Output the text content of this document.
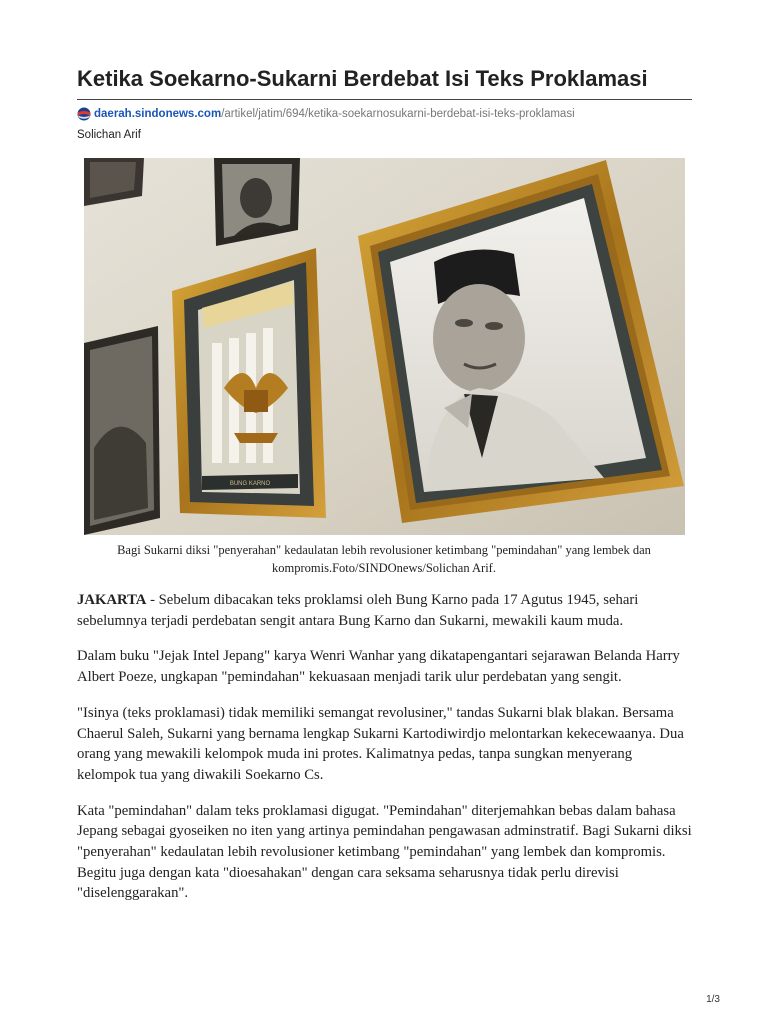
Ketika Soekarno-Sukarni Berdebat Isi Teks Proklamasi
daerah.sindonews.com /artikel/jatim/694/ketika-soekarnosukarni-berdebat-isi-teks-proklamasi
Solichan Arif
BUNG KARNO
Bagi Sukarni diksi "penyerahan" kedaulatan lebih revolusioner ketimbang "pemindahan" yang lembek dan kompromis.Foto/SINDOnews/Solichan Arif.

JAKARTA - Sebelum dibacakan teks proklamsi oleh Bung Karno pada 17 Agutus 1945, sehari sebelumnya terjadi perdebatan sengit antara Bung Karno dan Sukarni, mewakili kaum muda.

Dalam buku "Jejak Intel Jepang" karya Wenri Wanhar yang dikatapengantari sejarawan Belanda Harry Albert Poeze, ungkapan "pemindahan" kekuasaan menjadi tarik ulur perdebatan yang sengit.

"Isinya (teks proklamasi) tidak memiliki semangat revolusiner," tandas Sukarni blak blakan. Bersama Chaerul Saleh, Sukarni yang bernama lengkap Sukarni Kartodiwirdjo melontarkan kekecewaanya. Dua orang yang mewakili kelompok muda ini protes. Kalimatnya pedas, tanpa sungkan menyerang kelompok tua yang diwakili Soekarno Cs.

Kata "pemindahan" dalam teks proklamasi digugat. "Pemindahan" diterjemahkan bebas dalam bahasa Jepang sebagai gyoseiken no iten yang artinya pemindahan pengawasan adminstratif. Bagi Sukarni diksi "penyerahan" kedaulatan lebih revolusioner ketimbang "pemindahan" yang lembek dan kompromis. Begitu juga dengan kata "dioesahakan" dengan cara seksama seharusnya tidak perlu direvisi "diselenggarakan".

1/3
